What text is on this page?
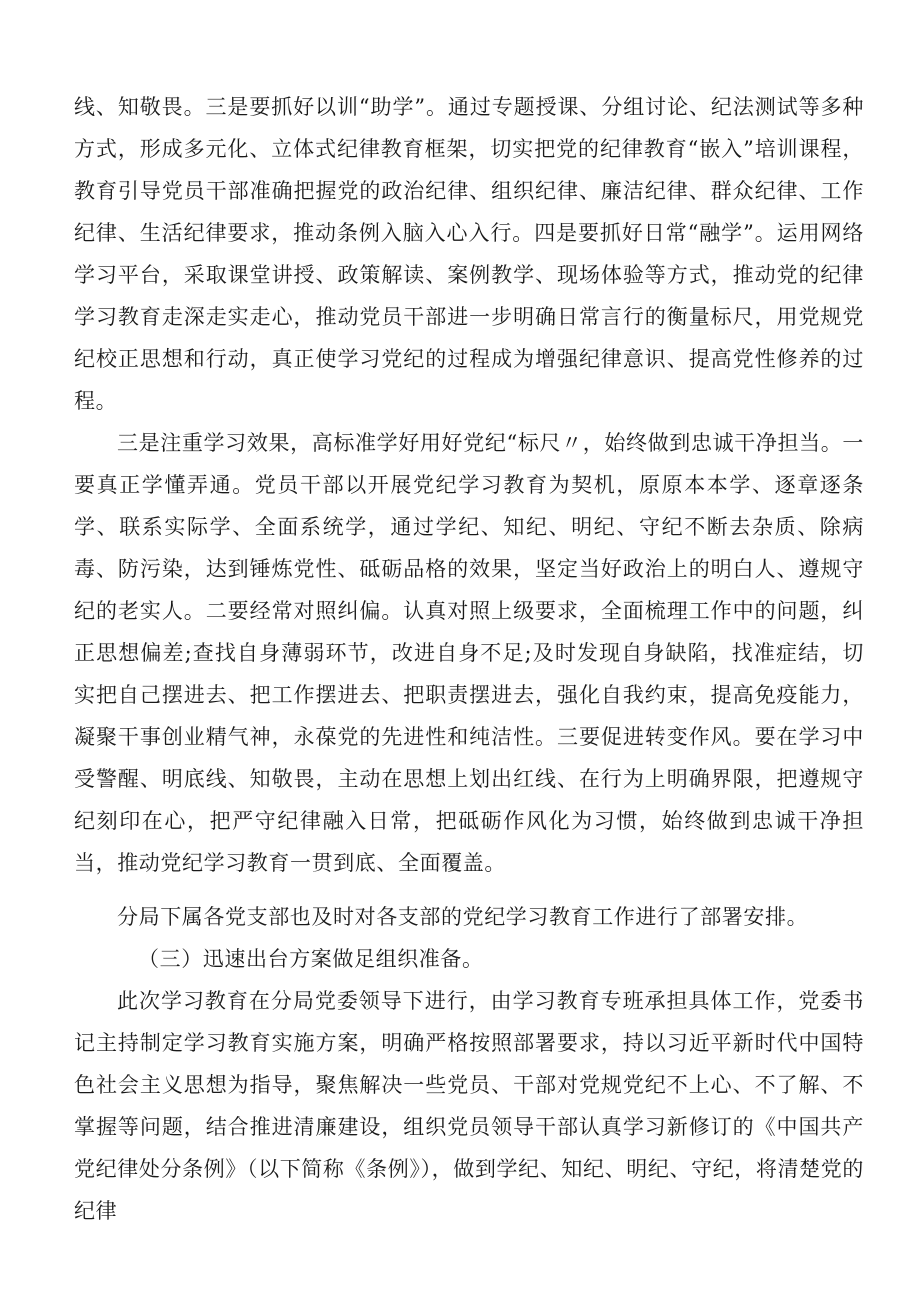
线、知敬畏。三是要抓好以训“助学”。通过专题授课、分组讨论、纪法测试等多种方式，形成多元化、立体式纪律教育框架，切实把党的纪律教育“嵌入”培训课程，教育引导党员干部准确把握党的政治纪律、组织纪律、廉洁纪律、群众纪律、工作纪律、生活纪律要求，推动条例入脑入心入行。四是要抓好日常“融学”。运用网络学习平台，采取课堂讲授、政策解读、案例教学、现场体验等方式，推动党的纪律学习教育走深走实走心，推动党员干部进一步明确日常言行的衡量标尺，用党规党纪校正思想和行动，真正使学习党纪的过程成为增强纪律意识、提高党性修养的过程。

三是注重学习效果，高标准学好用好党纪“标尺〃，始终做到忠诚干净担当。一要真正学懂弄通。党员干部以开展党纪学习教育为契机，原原本本学、逐章逐条学、联系实际学、全面系统学，通过学纪、知纪、明纪、守纪不断去杂质、除病毒、防污染，达到锤炼党性、砥砺品格的效果，坚定当好政治上的明白人、遵规守纪的老实人。二要经常对照纠偏。认真对照上级要求，全面梳理工作中的问题，纠正思想偏差;查找自身薄弱环节，改进自身不足;及时发现自身缺陷，找准症结，切实把自己摆进去、把工作摆进去、把职责摆进去，强化自我约束，提高免疫能力，凝聚干事创业精气神，永葆党的先进性和纯洁性。三要促进转变作风。要在学习中受警醒、明底线、知敬畏，主动在思想上划出红线、在行为上明确界限，把遵规守纪刻印在心，把严守纪律融入日常，把砥砺作风化为习惯，始终做到忠诚干净担当，推动党纪学习教育一贯到底、全面覆盖。

分局下属各党支部也及时对各支部的党纪学习教育工作进行了部署安排。

（三）迅速出台方案做足组织准备。

此次学习教育在分局党委领导下进行，由学习教育专班承担具体工作，党委书记主持制定学习教育实施方案，明确严格按照部署要求，持以习近平新时代中国特色社会主义思想为指导，聚焦解决一些党员、干部对党规党纪不上心、不了解、不掌握等问题，结合推进清廉建设，组织党员领导干部认真学习新修订的《中国共产党纪律处分条例》（以下简称《条例》），做到学纪、知纪、明纪、守纪，将清楚党的纪律
